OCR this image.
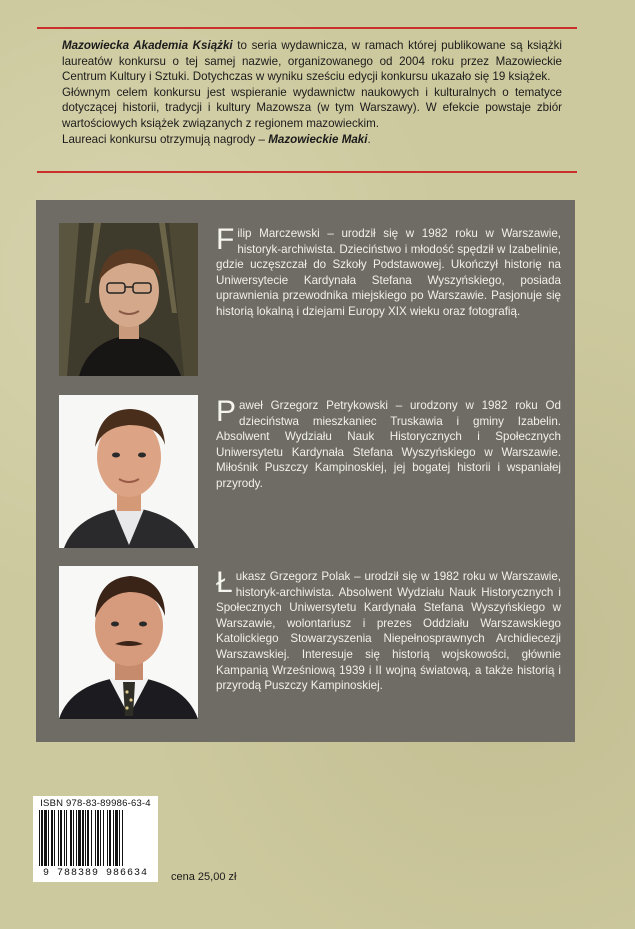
Mazowiecka Akademia Książki to seria wydawnicza, w ramach której publikowane są książki laureatów konkursu o tej samej nazwie, organizowanego od 2004 roku przez Mazowieckie Centrum Kultury i Sztuki. Dotychczas w wyniku sześciu edycji konkursu ukazało się 19 książek.

Głównym celem konkursu jest wspieranie wydawnictw naukowych i kulturalnych o tematyce dotyczącej historii, tradycji i kultury Mazowsza (w tym Warszawy). W efekcie powstaje zbiór wartościowych książek związanych z regionem mazowieckim.

Laureaci konkursu otrzymują nagrody – Mazowieckie Maki.

Filip Marczewski – urodził się w 1982 roku w Warszawie, historyk-archiwista. Dzieciństwo i młodość spędził w Izabelinie, gdzie uczęszczał do Szkoły Podstawowej. Ukończył historię na Uniwersytecie Kardynała Stefana Wyszyńskiego, posiada uprawnienia przewodnika miejskiego po Warszawie. Pasjonuje się historią lokalną i dziejami Europy XIX wieku oraz fotografią.
Paweł Grzegorz Petrykowski – urodzony w 1982 roku Od dzieciństwa mieszkaniec Truskawia i gminy Izabelin. Absolwent Wydziału Nauk Historycznych i Społecznych Uniwersytetu Kardynała Stefana Wyszyńskiego w Warszawie. Miłośnik Puszczy Kampinoskiej, jej bogatej historii i wspaniałej przyrody.
Łukasz Grzegorz Polak – urodził się w 1982 roku w Warszawie, historyk-archiwista. Absolwent Wydziału Nauk Historycznych i Społecznych Uniwersytetu Kardynała Stefana Wyszyńskiego w Warszawie, wolontariusz i prezes Oddziału Warszawskiego Katolickiego Stowarzyszenia Niepełnosprawnych Archidiecezji Warszawskiej. Interesuje się historią wojskowości, głównie Kampanią Wrześniową 1939 i II wojną światową, a także historią i przyrodą Puszczy Kampinoskiej.
ISBN 978-83-89986-63-4
9 788389 986634	cena 25,00 zł
